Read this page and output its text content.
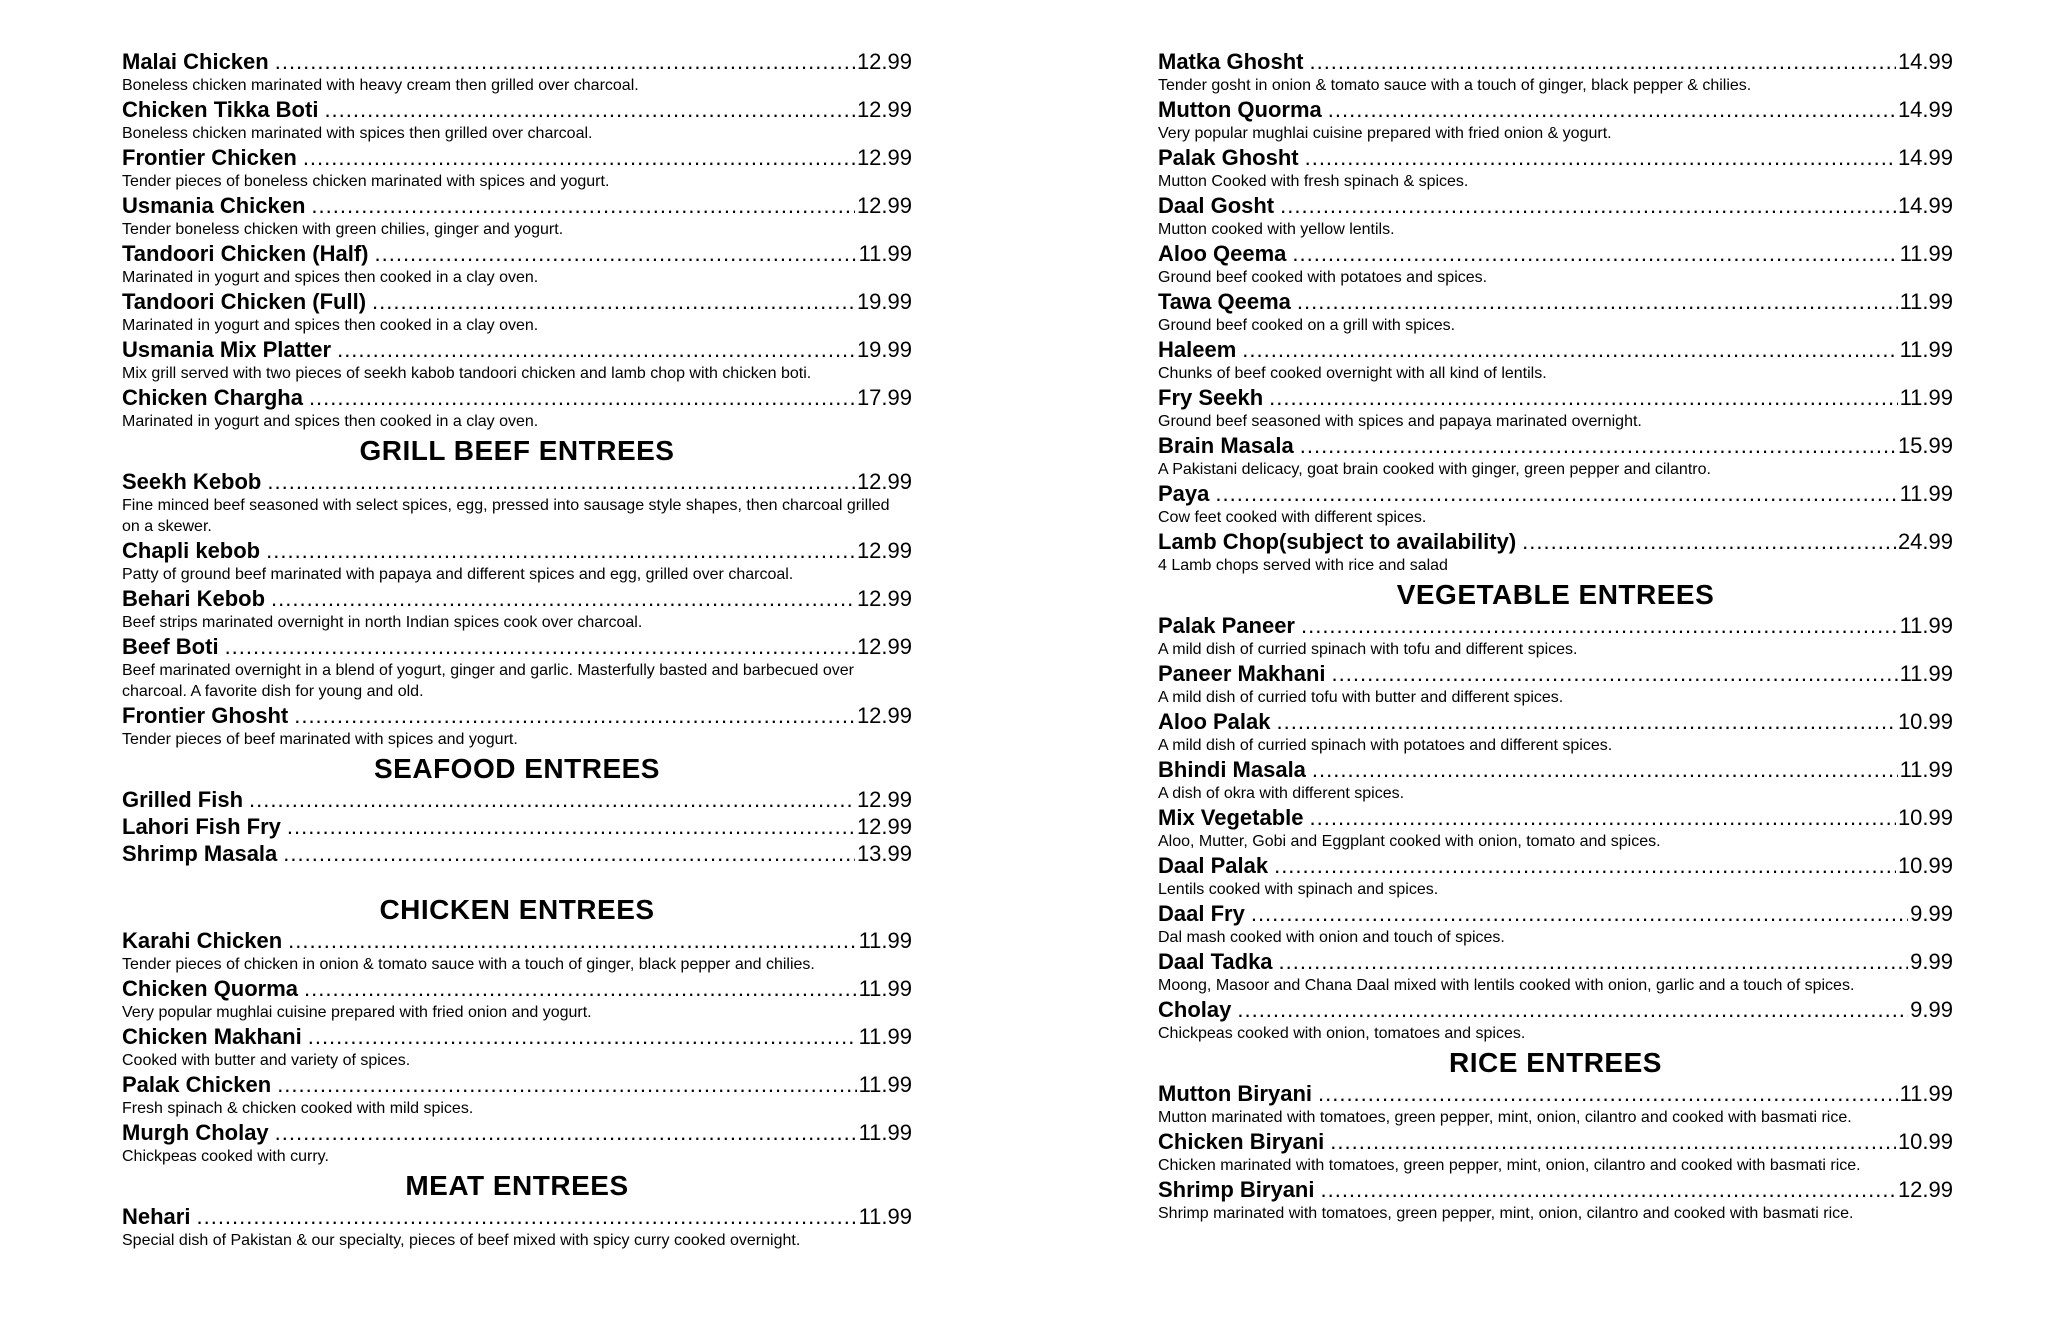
Malai Chicken .....	12.99
Boneless chicken marinated with heavy cream then grilled over charcoal.
Chicken Tikka Boti .....	12.99
Boneless chicken marinated with spices then grilled over charcoal.
Frontier Chicken .....	12.99
Tender pieces of boneless chicken marinated with spices and yogurt.
Usmania Chicken .....	12.99
Tender boneless chicken with green chilies, ginger and yogurt.
Tandoori Chicken (Half) .....	11.99
Marinated in yogurt and spices then cooked in a clay oven.
Tandoori Chicken (Full) .....	19.99
Marinated in yogurt and spices then cooked in a clay oven.
Usmania Mix Platter .....	19.99
Mix grill served with two pieces of seekh kabob tandoori chicken and lamb chop with chicken boti.
Chicken Chargha .....	17.99
Marinated in yogurt and spices then cooked in a clay oven.
GRILL BEEF ENTREES
Seekh Kebob .....	12.99
Fine minced beef seasoned with select spices, egg, pressed into sausage style shapes, then charcoal grilled on a skewer.
Chapli kebob .....	12.99
Patty of ground beef marinated with papaya and different spices and egg, grilled over charcoal.
Behari Kebob .....	12.99
Beef strips marinated overnight in north Indian spices cook over charcoal.
Beef Boti .....	12.99
Beef marinated overnight in a blend of yogurt, ginger and garlic. Masterfully basted and barbecued over charcoal. A favorite dish for young and old.
Frontier Ghosht .....	12.99
Tender pieces of beef marinated with spices and yogurt.
SEAFOOD ENTREES
Grilled Fish .....	12.99
Lahori Fish Fry .....	12.99
Shrimp Masala .....	13.99
CHICKEN ENTREES
Karahi Chicken .....	11.99
Tender pieces of chicken in onion & tomato sauce with a touch of ginger, black pepper and chilies.
Chicken Quorma .....	11.99
Very popular mughlai cuisine prepared with fried onion and yogurt.
Chicken Makhani .....	11.99
Cooked with butter and variety of spices.
Palak Chicken .....	11.99
Fresh spinach & chicken cooked with mild spices.
Murgh Cholay .....	11.99
Chickpeas cooked with curry.
MEAT ENTREES
Nehari .....	11.99
Special dish of Pakistan & our specialty, pieces of beef mixed with spicy curry cooked overnight.
Matka Ghosht .....	14.99
Tender gosht in onion & tomato sauce with a touch of ginger, black pepper & chilies.
Mutton Quorma .....	14.99
Very popular mughlai cuisine prepared with fried onion & yogurt.
Palak Ghosht .....	14.99
Mutton Cooked with fresh spinach & spices.
Daal Gosht .....	14.99
Mutton cooked with yellow lentils.
Aloo Qeema .....	11.99
Ground beef cooked with potatoes and spices.
Tawa Qeema .....	11.99
Ground beef cooked on a grill with spices.
Haleem .....	11.99
Chunks of beef cooked overnight with all kind of lentils.
Fry Seekh .....	11.99
Ground beef seasoned with spices and papaya marinated overnight.
Brain Masala .....	15.99
A Pakistani delicacy, goat brain cooked with ginger, green pepper and cilantro.
Paya .....	11.99
Cow feet cooked with different spices.
Lamb Chop(subject to availability) .....	24.99
4 Lamb chops served with rice and salad
VEGETABLE ENTREES
Palak Paneer .....	11.99
A mild dish of curried spinach with tofu and different spices.
Paneer Makhani .....	11.99
A mild dish of curried tofu with butter and different spices.
Aloo Palak .....	10.99
A mild dish of curried spinach with potatoes and different spices.
Bhindi Masala .....	11.99
A dish of okra with different spices.
Mix Vegetable .....	10.99
Aloo, Mutter, Gobi and Eggplant cooked with onion, tomato and spices.
Daal Palak .....	10.99
Lentils cooked with spinach and spices.
Daal Fry .....	9.99
Dal mash cooked with onion and touch of spices.
Daal Tadka .....	9.99
Moong, Masoor and Chana Daal mixed with lentils cooked with onion, garlic and a touch of spices.
Cholay .....	9.99
Chickpeas cooked with onion, tomatoes and spices.
RICE ENTREES
Mutton Biryani .....	11.99
Mutton marinated with tomatoes, green pepper, mint, onion, cilantro and cooked with basmati rice.
Chicken Biryani .....	10.99
Chicken marinated with tomatoes, green pepper, mint, onion, cilantro and cooked with basmati rice.
Shrimp Biryani .....	12.99
Shrimp marinated with tomatoes, green pepper, mint, onion, cilantro and cooked with basmati rice.
